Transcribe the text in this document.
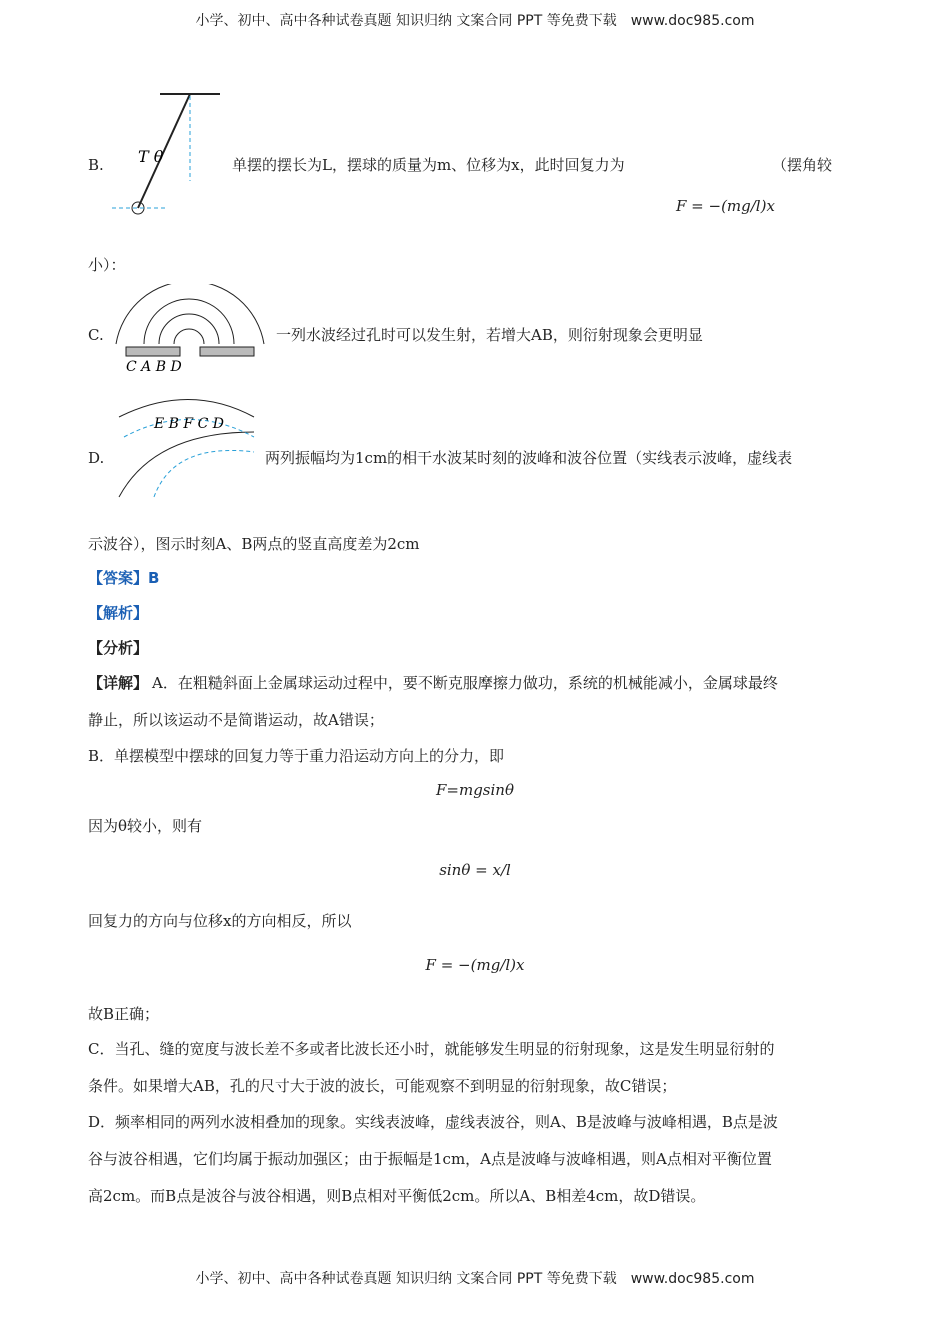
小学、初中、高中各种试卷真题 知识归纳 文案合同 PPT 等免费下载　www.doc985.com
T θ

B.	单摆的摆长为L，摆球的质量为m、位移为x，此时回复力为	（摆角较

F = −(mg/l)x

小）：

C A B D

C.	一列水波经过孔时可以发生射，若增大AB，则衍射现象会更明显

E B F C D

D.	两列振幅均为1cm的相干水波某时刻的波峰和波谷位置（实线表示波峰，虚线表

示波谷），图示时刻A、B两点的竖直高度差为2cm

【答案】B

【解析】

【分析】

【详解】 A．在粗糙斜面上金属球运动过程中，要不断克服摩擦力做功，系统的机械能减小，金属球最终

静止，所以该运动不是简谐运动，故A错误；

B．单摆模型中摆球的回复力等于重力沿运动方向上的分力，即

F=mgsinθ

因为θ较小，则有

sinθ = x/l

回复力的方向与位移x的方向相反，所以

F = −(mg/l)x

故B正确；

C．当孔、缝的宽度与波长差不多或者比波长还小时，就能够发生明显的衍射现象，这是发生明显衍射的

条件。如果增大AB，孔的尺寸大于波的波长，可能观察不到明显的衍射现象，故C错误；

D．频率相同的两列水波相叠加的现象。实线表波峰，虚线表波谷，则A、B是波峰与波峰相遇，B点是波

谷与波谷相遇，它们均属于振动加强区；由于振幅是1cm，A点是波峰与波峰相遇，则A点相对平衡位置

高2cm。而B点是波谷与波谷相遇，则B点相对平衡低2cm。所以A、B相差4cm，故D错误。

小学、初中、高中各种试卷真题 知识归纳 文案合同 PPT 等免费下载　www.doc985.com
